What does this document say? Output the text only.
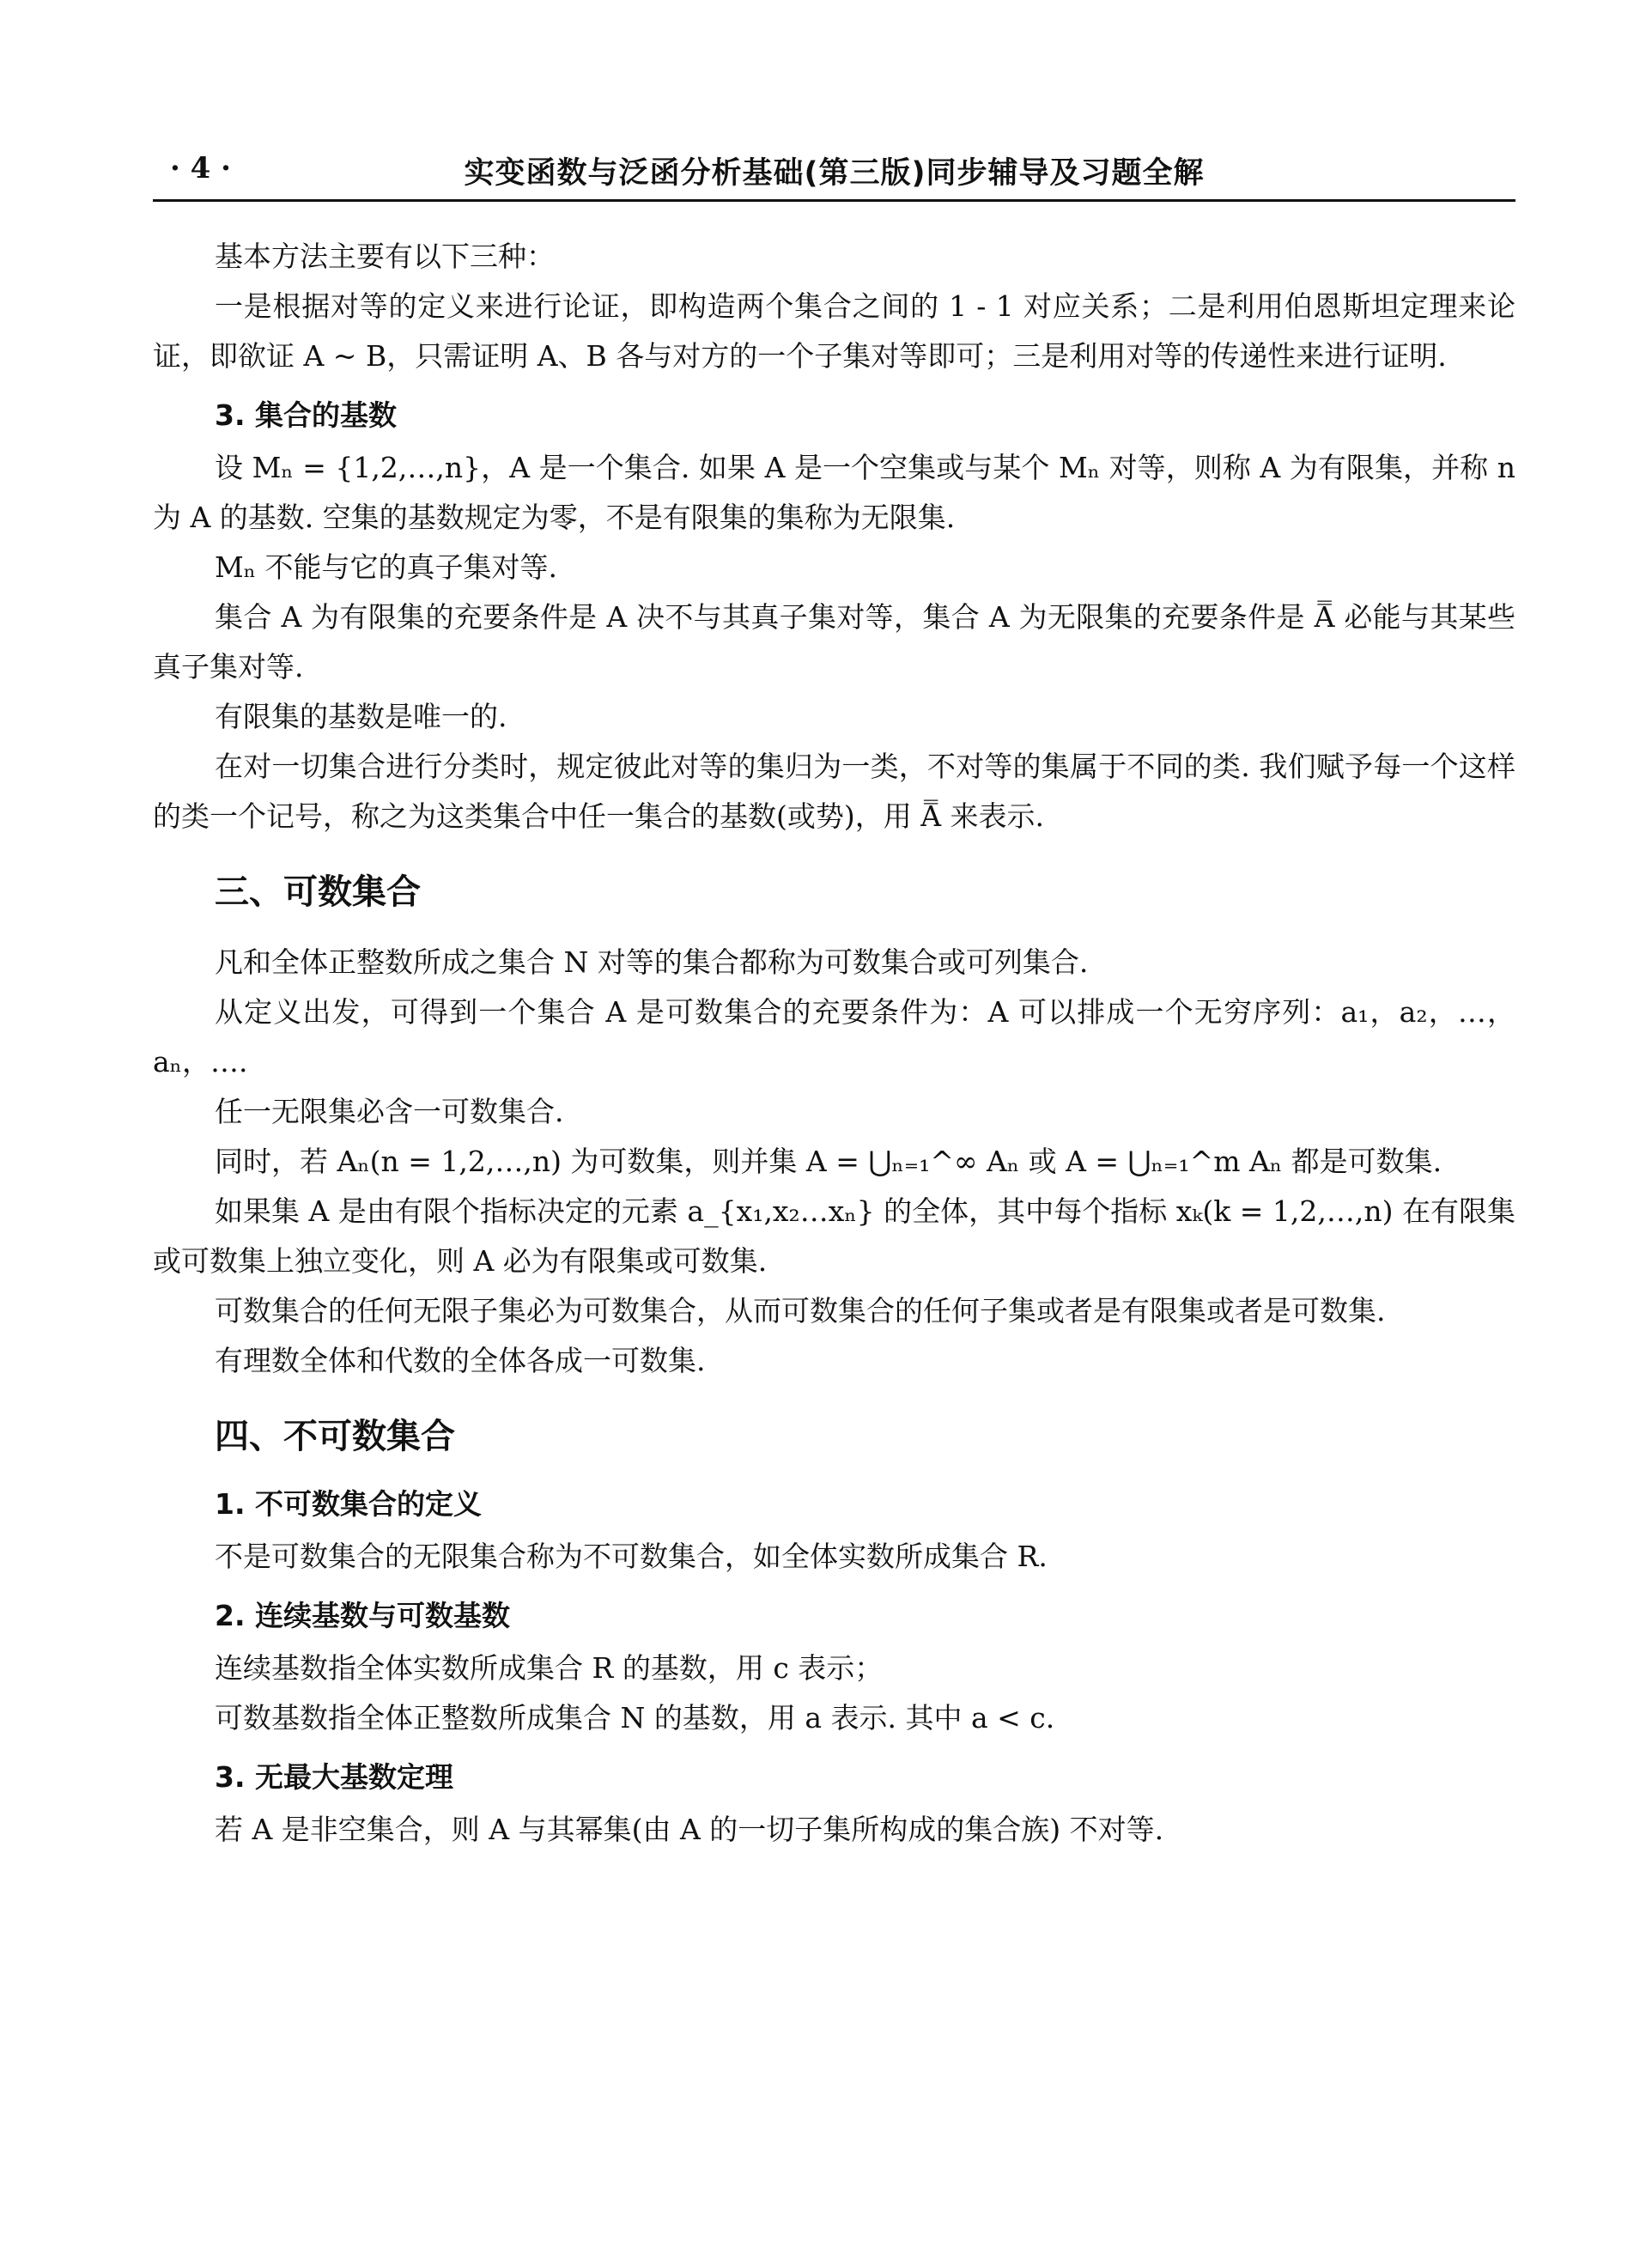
· 4 ·	实变函数与泛函分析基础(第三版)同步辅导及习题全解

基本方法主要有以下三种：

一是根据对等的定义来进行论证，即构造两个集合之间的 1 - 1 对应关系；二是利用伯恩斯坦定理来论证，即欲证 A ~ B，只需证明 A、B 各与对方的一个子集对等即可；三是利用对等的传递性来进行证明.

3. 集合的基数

设 Mₙ = {1,2,…,n}，A 是一个集合. 如果 A 是一个空集或与某个 Mₙ 对等，则称 A 为有限集，并称 n 为 A 的基数. 空集的基数规定为零，不是有限集的集称为无限集.

Mₙ 不能与它的真子集对等.

集合 A 为有限集的充要条件是 A 决不与其真子集对等，集合 A 为无限集的充要条件是 A̿ 必能与其某些真子集对等.

有限集的基数是唯一的.

在对一切集合进行分类时，规定彼此对等的集归为一类，不对等的集属于不同的类. 我们赋予每一个这样的类一个记号，称之为这类集合中任一集合的基数(或势)，用 A̿ 来表示.

三、可数集合

凡和全体正整数所成之集合 N 对等的集合都称为可数集合或可列集合.

从定义出发，可得到一个集合 A 是可数集合的充要条件为：A 可以排成一个无穷序列：a₁，a₂，…，aₙ，….

任一无限集必含一可数集合.

同时，若 Aₙ(n = 1,2,…,n) 为可数集，则并集 A = ⋃ₙ₌₁^∞ Aₙ 或 A = ⋃ₙ₌₁^m Aₙ 都是可数集.

如果集 A 是由有限个指标决定的元素 a_{x₁,x₂…xₙ} 的全体，其中每个指标 xₖ(k = 1,2,…,n) 在有限集或可数集上独立变化，则 A 必为有限集或可数集.

可数集合的任何无限子集必为可数集合，从而可数集合的任何子集或者是有限集或者是可数集.

有理数全体和代数的全体各成一可数集.

四、不可数集合
1. 不可数集合的定义

不是可数集合的无限集合称为不可数集合，如全体实数所成集合 R.

2. 连续基数与可数基数

连续基数指全体实数所成集合 R 的基数，用 c 表示；

可数基数指全体正整数所成集合 N 的基数，用 a 表示. 其中 a < c.

3. 无最大基数定理

若 A 是非空集合，则 A 与其幂集(由 A 的一切子集所构成的集合族) 不对等.
